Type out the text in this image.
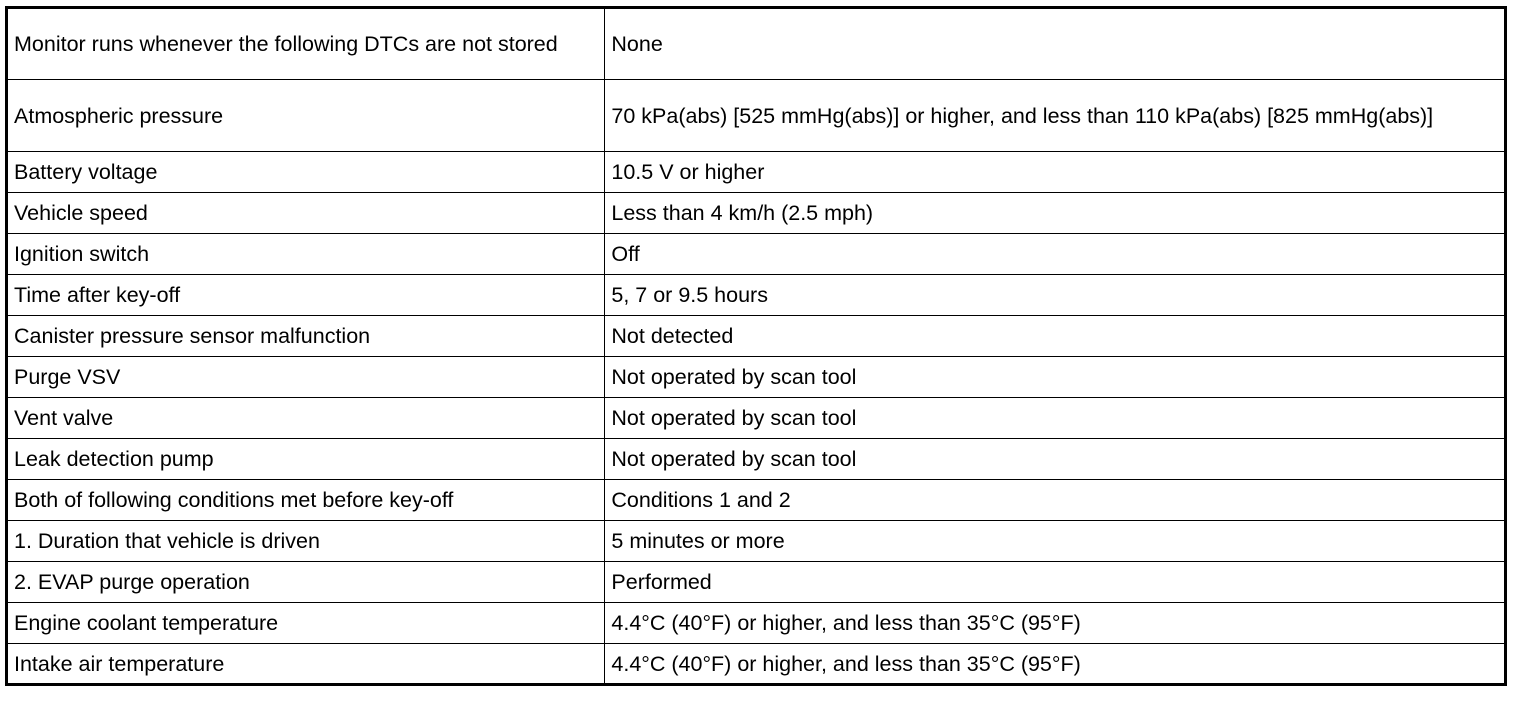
Monitor runs whenever the following DTCs are not stored	None
Atmospheric pressure	70 kPa(abs) [525 mmHg(abs)] or higher, and less than 110 kPa(abs) [825 mmHg(abs)]
Battery voltage	10.5 V or higher
Vehicle speed	Less than 4 km/h (2.5 mph)
Ignition switch	Off
Time after key-off	5, 7 or 9.5 hours
Canister pressure sensor malfunction	Not detected
Purge VSV	Not operated by scan tool
Vent valve	Not operated by scan tool
Leak detection pump	Not operated by scan tool
Both of following conditions met before key-off	Conditions 1 and 2
1. Duration that vehicle is driven	5 minutes or more
2. EVAP purge operation	Performed
Engine coolant temperature	4.4°C (40°F) or higher, and less than 35°C (95°F)
Intake air temperature	4.4°C (40°F) or higher, and less than 35°C (95°F)
